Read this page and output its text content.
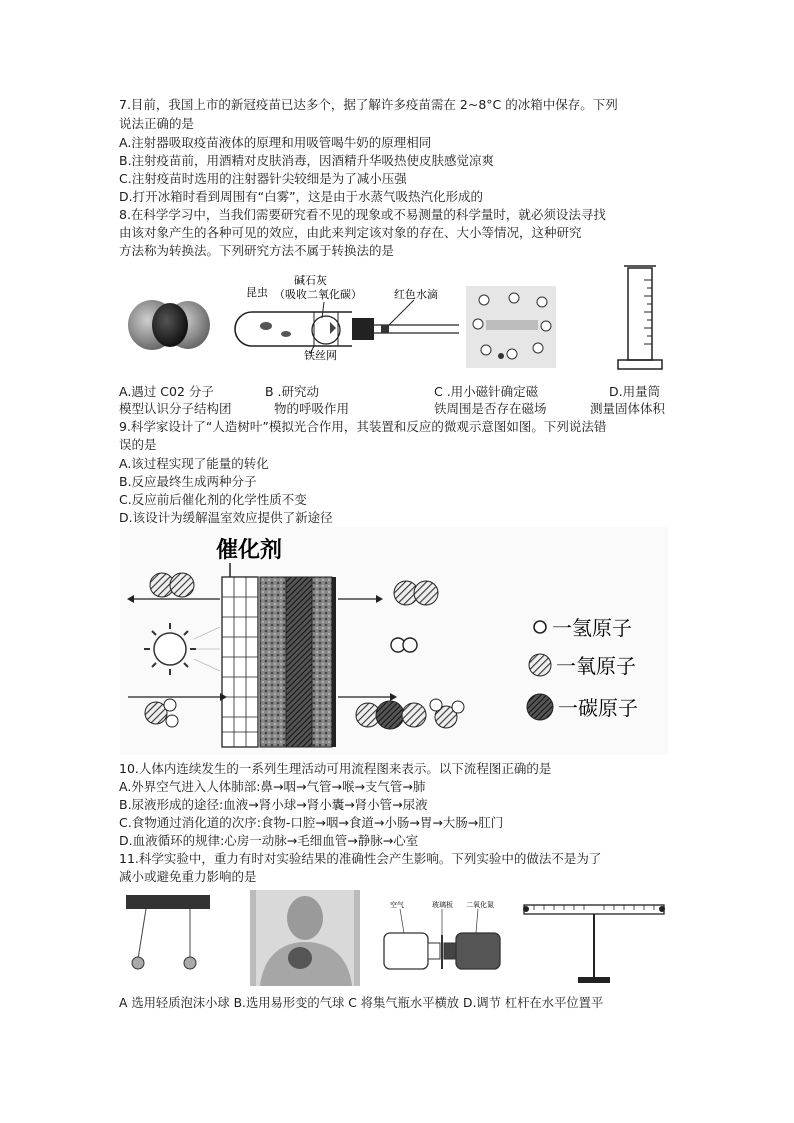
7.目前，我国上市的新冠疫苗已达多个，据了解许多疫苗需在 2~8°C 的冰箱中保存。下列
说法正确的是
A.注射器吸取疫苗液体的原理和用吸管喝牛奶的原理相同
B.注射疫苗前，用酒精对皮肤消毒，因酒精升华吸热使皮肤感觉凉爽
C.注射疫苗时选用的注射器针尖较细是为了减小压强
D.打开冰箱时看到周围有“白雾”，这是由于水蒸气吸热汽化形成的
8.在科学学习中，当我们需要研究看不见的现象或不易测量的科学量时，就必须设法寻找
由该对象产生的各种可见的效应，由此来判定该对象的存在、大小等情况，这种研究
方法称为转换法。下列研究方法不属于转换法的是
昆虫
碱石灰
（吸收二氧化碳）	红色水滴
铁丝网
A.遇过 C02 分子
模型认识分子结构团
B .研究动
物的呼吸作用
C .用小磁针确定磁
铁周围是否存在磁场
D.用量筒
测量固体体积
9.科学家设计了“人造树叶”模拟光合作用，其装置和反应的微观示意图如图。下列说法错
误的是
A.该过程实现了能量的转化
B.反应最终生成两种分子
C.反应前后催化剂的化学性质不变
D.该设计为缓解温室效应提供了新途径
催化剂
一氢原子
一氧原子
一碳原子
10.人体内连续发生的一系列生理活动可用流程图来表示。以下流程图正确的是
A.外界空气进入人体肺部:鼻→咽→气管→喉→支气管→肺
B.尿液形成的途径:血液→肾小球→肾小囊→肾小管→尿液
C.食物通过消化道的次序:食物-口腔→咽→食道→小肠→胃→大肠→肛门
D.血液循环的规律:心房一动脉→毛细血管→静脉→心室
11.科学实验中，重力有时对实验结果的准确性会产生影响。下列实验中的做法不是为了
减小或避免重力影响的是
空气	玻璃板 二氧化氮
A 选用轻质泡沫小球 B.选用易形变的气球 C 将集气瓶水平横放 D.调节 杠杆在水平位置平
